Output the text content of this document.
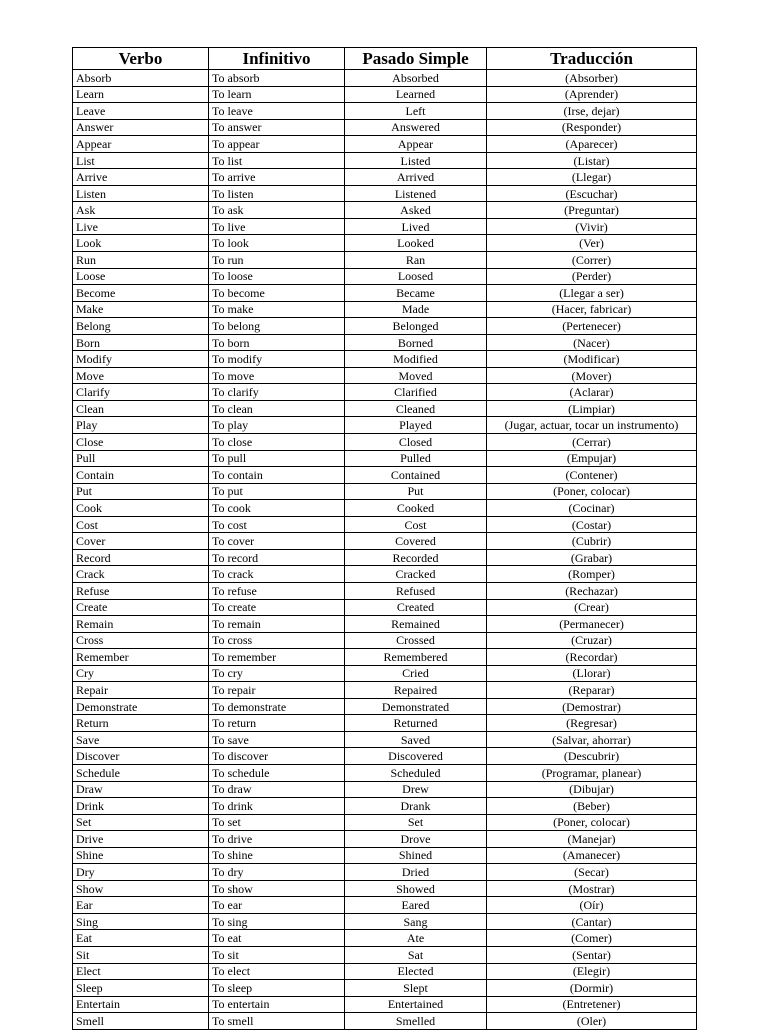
Verbo	Infinitivo	Pasado Simple	Traducción
Absorb	To absorb	Absorbed	(Absorber)
Learn	To learn	Learned	(Aprender)
Leave	To leave	Left	(Irse, dejar)
Answer	To answer	Answered	(Responder)
Appear	To appear	Appear	(Aparecer)
List	To list	Listed	(Listar)
Arrive	To arrive	Arrived	(Llegar)
Listen	To listen	Listened	(Escuchar)
Ask	To ask	Asked	(Preguntar)
Live	To live	Lived	(Vivir)
Look	To look	Looked	(Ver)
Run	To run	Ran	(Correr)
Loose	To loose	Loosed	(Perder)
Become	To become	Became	(Llegar a ser)
Make	To make	Made	(Hacer, fabricar)
Belong	To belong	Belonged	(Pertenecer)
Born	To born	Borned	(Nacer)
Modify	To modify	Modified	(Modificar)
Move	To move	Moved	(Mover)
Clarify	To clarify	Clarified	(Aclarar)
Clean	To clean	Cleaned	(Limpiar)
Play	To play	Played	(Jugar, actuar, tocar un instrumento)
Close	To close	Closed	(Cerrar)
Pull	To pull	Pulled	(Empujar)
Contain	To contain	Contained	(Contener)
Put	To put	Put	(Poner, colocar)
Cook	To cook	Cooked	(Cocinar)
Cost	To cost	Cost	(Costar)
Cover	To cover	Covered	(Cubrir)
Record	To record	Recorded	(Grabar)
Crack	To crack	Cracked	(Romper)
Refuse	To refuse	Refused	(Rechazar)
Create	To create	Created	(Crear)
Remain	To remain	Remained	(Permanecer)
Cross	To cross	Crossed	(Cruzar)
Remember	To remember	Remembered	(Recordar)
Cry	To cry	Cried	(Llorar)
Repair	To repair	Repaired	(Reparar)
Demonstrate	To demonstrate	Demonstrated	(Demostrar)
Return	To return	Returned	(Regresar)
Save	To save	Saved	(Salvar, ahorrar)
Discover	To discover	Discovered	(Descubrir)
Schedule	To schedule	Scheduled	(Programar, planear)
Draw	To draw	Drew	(Dibujar)
Drink	To drink	Drank	(Beber)
Set	To set	Set	(Poner, colocar)
Drive	To drive	Drove	(Manejar)
Shine	To shine	Shined	(Amanecer)
Dry	To dry	Dried	(Secar)
Show	To show	Showed	(Mostrar)
Ear	To ear	Eared	(Oír)
Sing	To sing	Sang	(Cantar)
Eat	To eat	Ate	(Comer)
Sit	To sit	Sat	(Sentar)
Elect	To elect	Elected	(Elegir)
Sleep	To sleep	Slept	(Dormir)
Entertain	To entertain	Entertained	(Entretener)
Smell	To smell	Smelled	(Oler)
